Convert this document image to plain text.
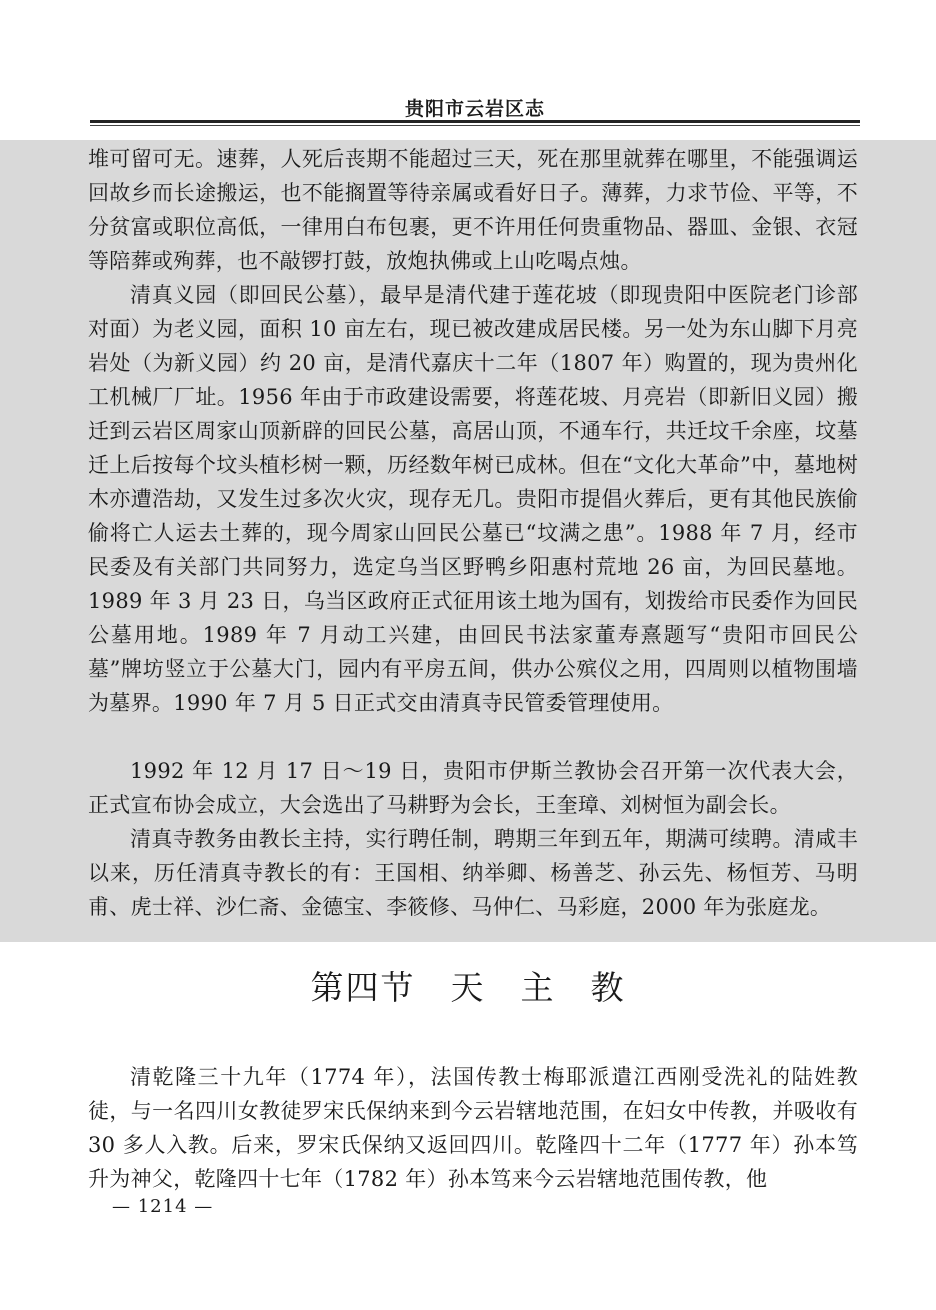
贵阳市云岩区志

堆可留可无。速葬，人死后丧期不能超过三天，死在那里就葬在哪里，不能强调运回故乡而长途搬运，也不能搁置等待亲属或看好日子。薄葬，力求节俭、平等，不分贫富或职位高低，一律用白布包裹，更不许用任何贵重物品、器皿、金银、衣冠等陪葬或殉葬，也不敲锣打鼓，放炮执佛或上山吃喝点烛。

清真义园（即回民公墓），最早是清代建于莲花坡（即现贵阳中医院老门诊部对面）为老义园，面积 10 亩左右，现已被改建成居民楼。另一处为东山脚下月亮岩处（为新义园）约 20 亩，是清代嘉庆十二年（1807 年）购置的，现为贵州化工机械厂厂址。1956 年由于市政建设需要，将莲花坡、月亮岩（即新旧义园）搬迁到云岩区周家山顶新辟的回民公墓，高居山顶，不通车行，共迁坟千余座，坟墓迁上后按每个坟头植杉树一颗，历经数年树已成林。但在“文化大革命”中，墓地树木亦遭浩劫，又发生过多次火灾，现存无几。贵阳市提倡火葬后，更有其他民族偷偷将亡人运去土葬的，现今周家山回民公墓已“坟满之患”。1988 年 7 月，经市民委及有关部门共同努力，选定乌当区野鸭乡阳惠村荒地 26 亩，为回民墓地。1989 年 3 月 23 日，乌当区政府正式征用该土地为国有，划拨给市民委作为回民公墓用地。1989 年 7 月动工兴建，由回民书法家董寿熹题写“贵阳市回民公墓”牌坊竖立于公墓大门，园内有平房五间，供办公殡仪之用，四周则以植物围墙为墓界。1990 年 7 月 5 日正式交由清真寺民管委管理使用。

1992 年 12 月 17 日～19 日，贵阳市伊斯兰教协会召开第一次代表大会，正式宣布协会成立，大会选出了马耕野为会长，王奎璋、刘树恒为副会长。

清真寺教务由教长主持，实行聘任制，聘期三年到五年，期满可续聘。清咸丰以来，历任清真寺教长的有：王国相、纳举卿、杨善芝、孙云先、杨恒芳、马明甫、虎士祥、沙仁斋、金德宝、李筱修、马仲仁、马彩庭，2000 年为张庭龙。

第四节　天　主　教

清乾隆三十九年（1774 年），法国传教士梅耶派遣江西刚受洗礼的陆姓教徒，与一名四川女教徒罗宋氏保纳来到今云岩辖地范围，在妇女中传教，并吸收有 30 多人入教。后来，罗宋氏保纳又返回四川。乾隆四十二年（1777 年）孙本笃升为神父，乾隆四十七年（1782 年）孙本笃来今云岩辖地范围传教，他

— 1214 —
